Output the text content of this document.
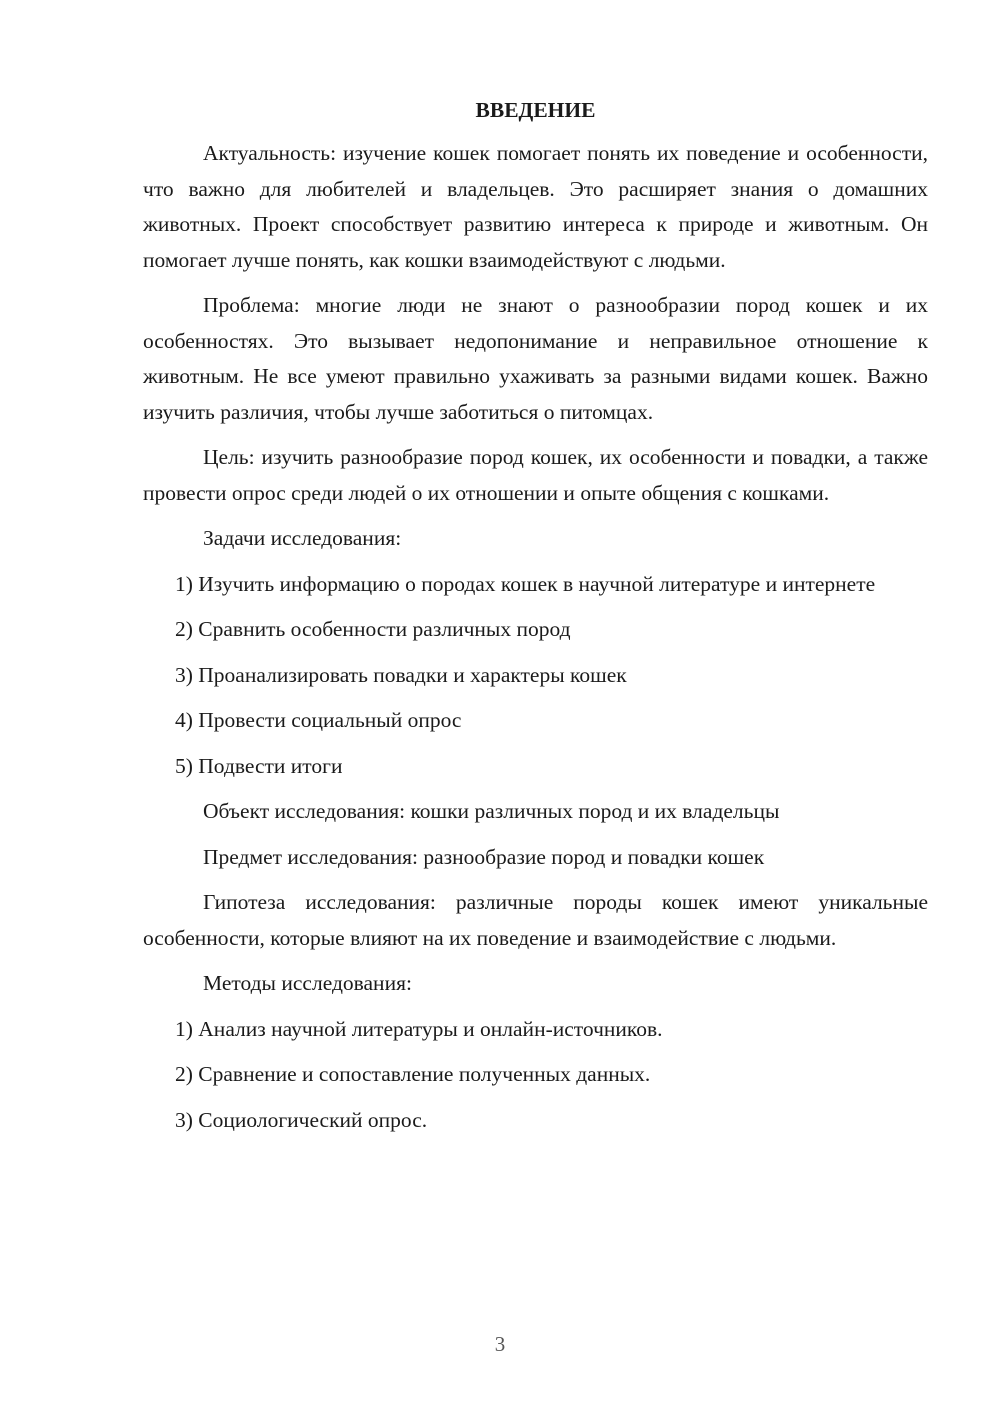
ВВЕДЕНИЕ

Актуальность: изучение кошек помогает понять их поведение и особенности, что важно для любителей и владельцев. Это расширяет знания о домашних животных. Проект способствует развитию интереса к природе и животным. Он помогает лучше понять, как кошки взаимодействуют с людьми.

Проблема: многие люди не знают о разнообразии пород кошек и их особенностях. Это вызывает недопонимание и неправильное отношение к животным. Не все умеют правильно ухаживать за разными видами кошек. Важно изучить различия, чтобы лучше заботиться о питомцах.

Цель: изучить разнообразие пород кошек, их особенности и повадки, а также провести опрос среди людей о их отношении и опыте общения с кошками.

Задачи исследования:

1) Изучить информацию о породах кошек в научной литературе и интернете

2) Сравнить особенности различных пород

3) Проанализировать повадки и характеры кошек

4) Провести социальный опрос

5) Подвести итоги

Объект исследования: кошки различных пород и их владельцы

Предмет исследования: разнообразие пород и повадки кошек

Гипотеза исследования: различные породы кошек имеют уникальные особенности, которые влияют на их поведение и взаимодействие с людьми.

Методы исследования:

1) Анализ научной литературы и онлайн-источников.

2) Сравнение и сопоставление полученных данных.

3) Социологический опрос.

3
